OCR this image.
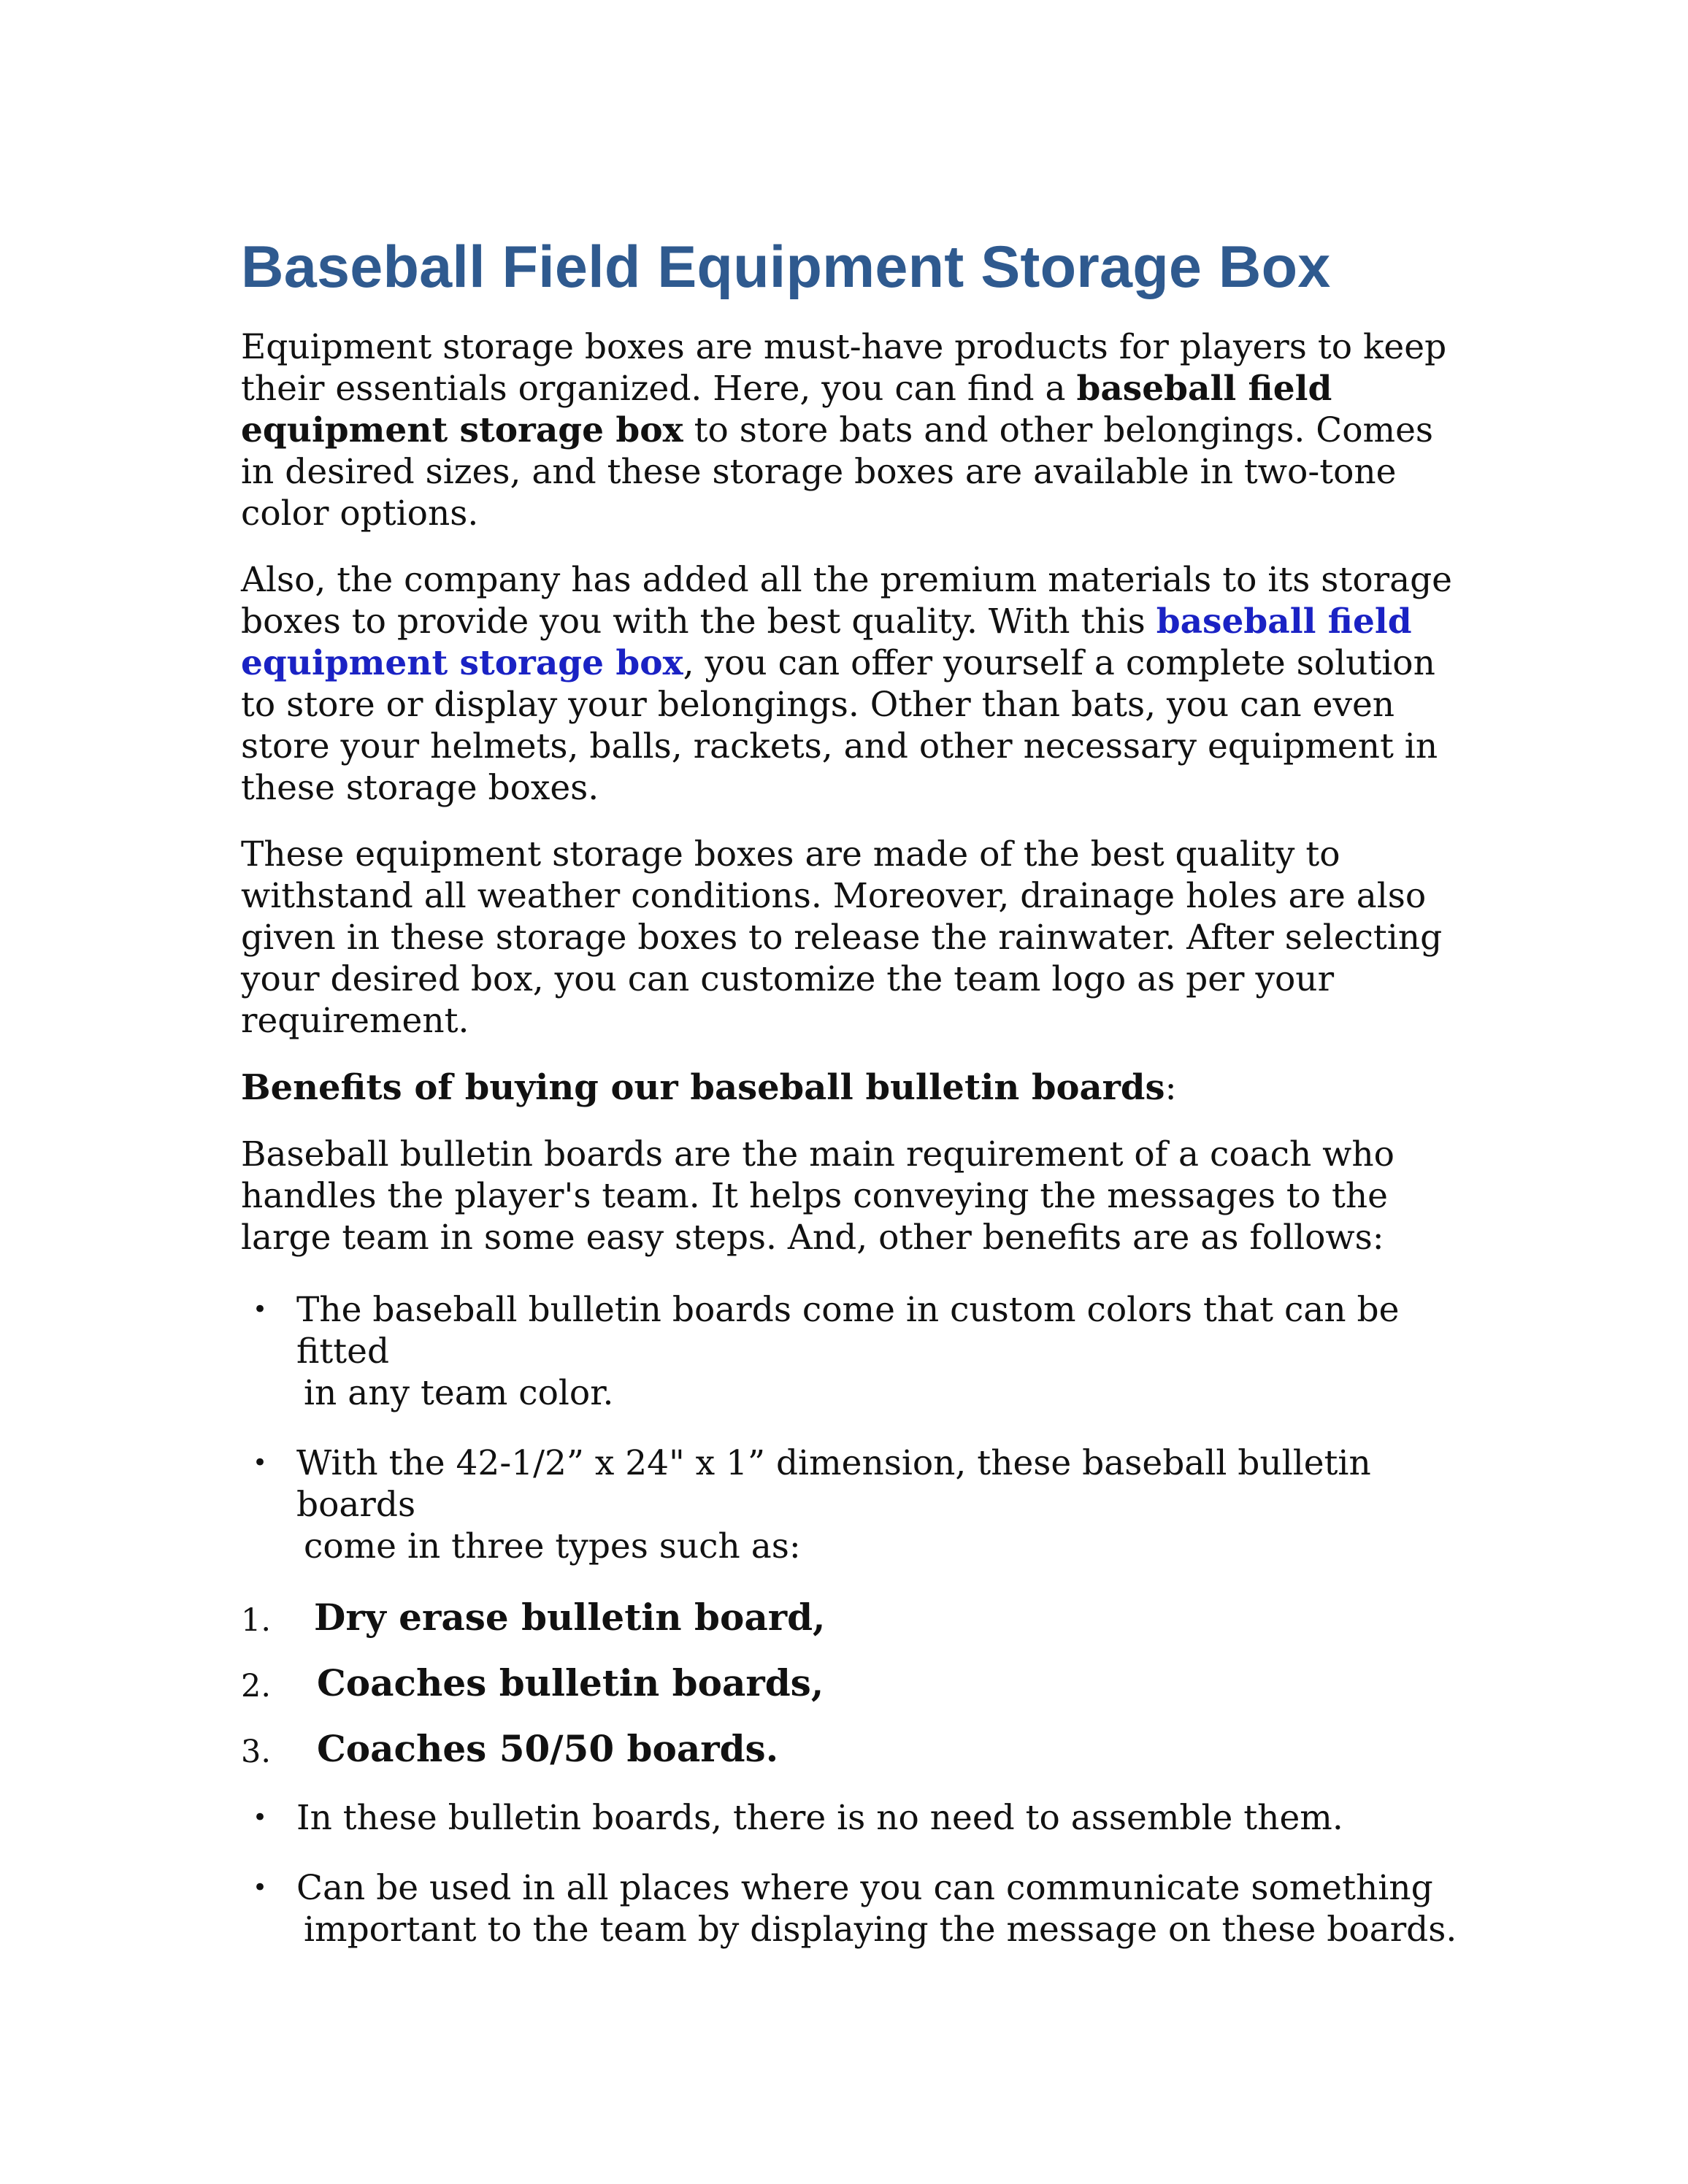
Baseball Field Equipment Storage Box

Equipment storage boxes are must-have products for players to keep their essentials organized. Here, you can find a baseball field equipment storage box to store bats and other belongings. Comes in desired sizes, and these storage boxes are available in two-tone color options.

Also, the company has added all the premium materials to its storage boxes to provide you with the best quality. With this baseball field equipment storage box, you can offer yourself a complete solution to store or display your belongings. Other than bats, you can even store your helmets, balls, rackets, and other necessary equipment in these storage boxes.

These equipment storage boxes are made of the best quality to withstand all weather conditions. Moreover, drainage holes are also given in these storage boxes to release the rainwater. After selecting your desired box, you can customize the team logo as per your requirement.

Benefits of buying our baseball bulletin boards:

Baseball bulletin boards are the main requirement of a coach who handles the player's team. It helps conveying the messages to the large team in some easy steps. And, other benefits are as follows:

• The baseball bulletin boards come in custom colors that can be fitted
in any team color.
• With the 42-1/2” x 24" x 1” dimension, these baseball bulletin boards
come in three types such as:
1. Dry erase bulletin board,
2. Coaches bulletin boards,
3. Coaches 50/50 boards.
• In these bulletin boards, there is no need to assemble them.
• Can be used in all places where you can communicate something
important to the team by displaying the message on these boards.
